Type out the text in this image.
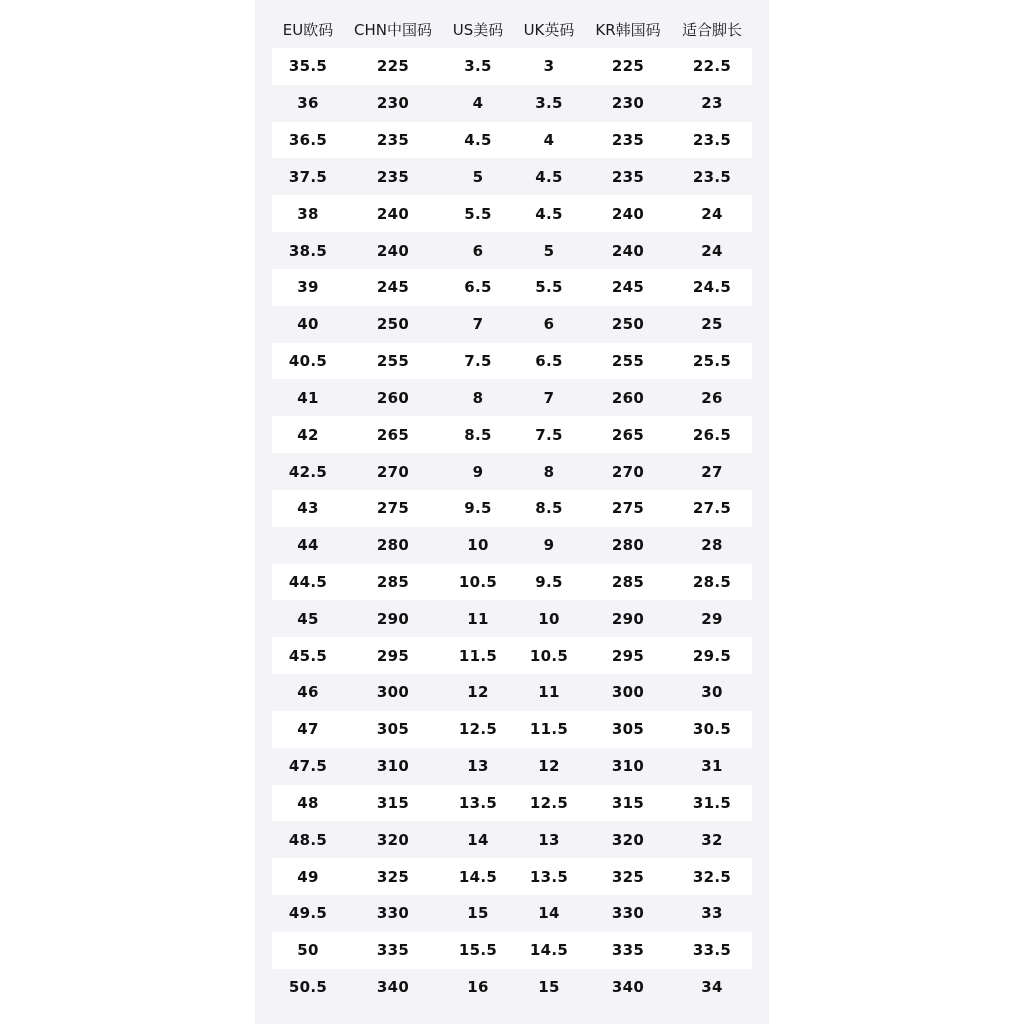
EU欧码	CHN中国码	US美码	UK英码	KR韩国码	适合脚长
35.5	225	3.5	3	225	22.5
36	230	4	3.5	230	23
36.5	235	4.5	4	235	23.5
37.5	235	5	4.5	235	23.5
38	240	5.5	4.5	240	24
38.5	240	6	5	240	24
39	245	6.5	5.5	245	24.5
40	250	7	6	250	25
40.5	255	7.5	6.5	255	25.5
41	260	8	7	260	26
42	265	8.5	7.5	265	26.5
42.5	270	9	8	270	27
43	275	9.5	8.5	275	27.5
44	280	10	9	280	28
44.5	285	10.5	9.5	285	28.5
45	290	11	10	290	29
45.5	295	11.5	10.5	295	29.5
46	300	12	11	300	30
47	305	12.5	11.5	305	30.5
47.5	310	13	12	310	31
48	315	13.5	12.5	315	31.5
48.5	320	14	13	320	32
49	325	14.5	13.5	325	32.5
49.5	330	15	14	330	33
50	335	15.5	14.5	335	33.5
50.5	340	16	15	340	34
